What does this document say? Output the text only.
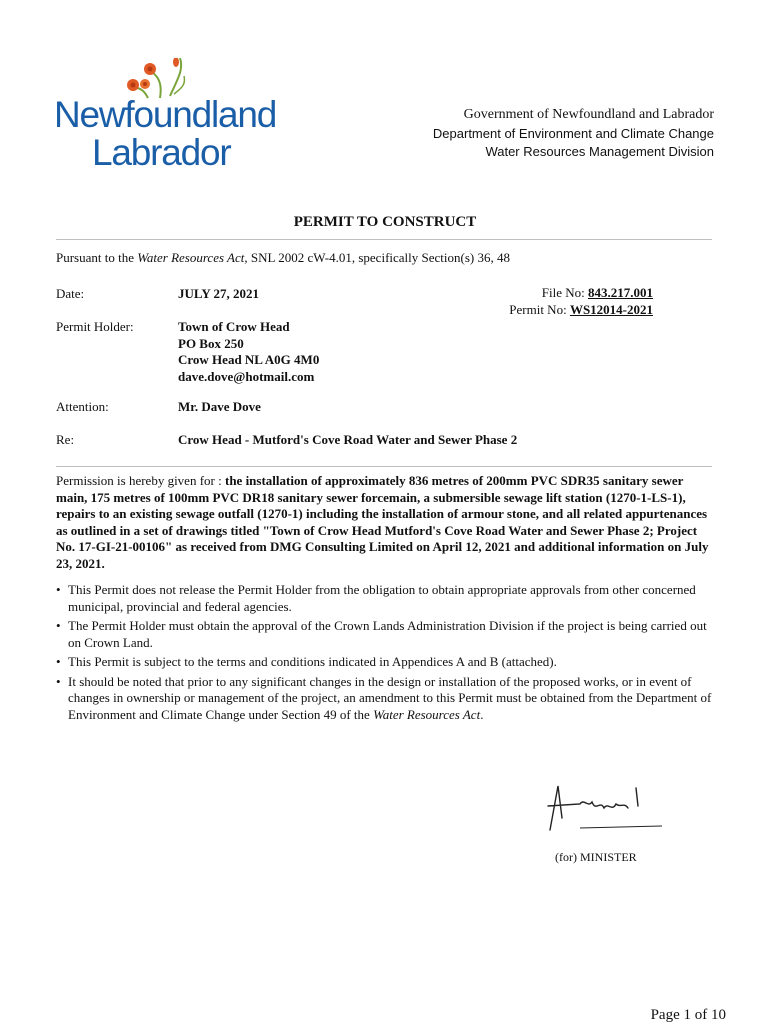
Newfoundland
Labrador
Government of Newfoundland and Labrador
Department of Environment and Climate Change
Water Resources Management Division
PERMIT TO CONSTRUCT
Pursuant to the Water Resources Act, SNL 2002 cW-4.01, specifically Section(s) 36, 48
Date:	JULY 27, 2021	File No: 843.217.001
Permit No: WS12014-2021
Permit Holder:	Town of Crow Head
PO Box 250
Crow Head NL A0G 4M0
dave.dove@hotmail.com
Attention:	Mr. Dave Dove
Re:	Crow Head - Mutford's Cove Road Water and Sewer Phase 2
Permission is hereby given for : the installation of approximately 836 metres of 200mm PVC SDR35 sanitary sewer main, 175 metres of 100mm PVC DR18 sanitary sewer forcemain, a submersible sewage lift station (1270-1-LS-1), repairs to an existing sewage outfall (1270-1) including the installation of armour stone, and all related appurtenances as outlined in a set of drawings titled "Town of Crow Head Mutford's Cove Road Water and Sewer Phase 2; Project No. 17-GI-21-00106" as received from DMG Consulting Limited on April 12, 2021 and additional information on July 23, 2021.
• This Permit does not release the Permit Holder from the obligation to obtain appropriate approvals from other concerned municipal, provincial and federal agencies.
• The Permit Holder must obtain the approval of the Crown Lands Administration Division if the project is being carried out on Crown Land.
• This Permit is subject to the terms and conditions indicated in Appendices A and B (attached).
• It should be noted that prior to any significant changes in the design or installation of the proposed works, or in event of changes in ownership or management of the project, an amendment to this Permit must be obtained from the Department of Environment and Climate Change under Section 49 of the Water Resources Act.
(for) MINISTER
Page 1 of 10
